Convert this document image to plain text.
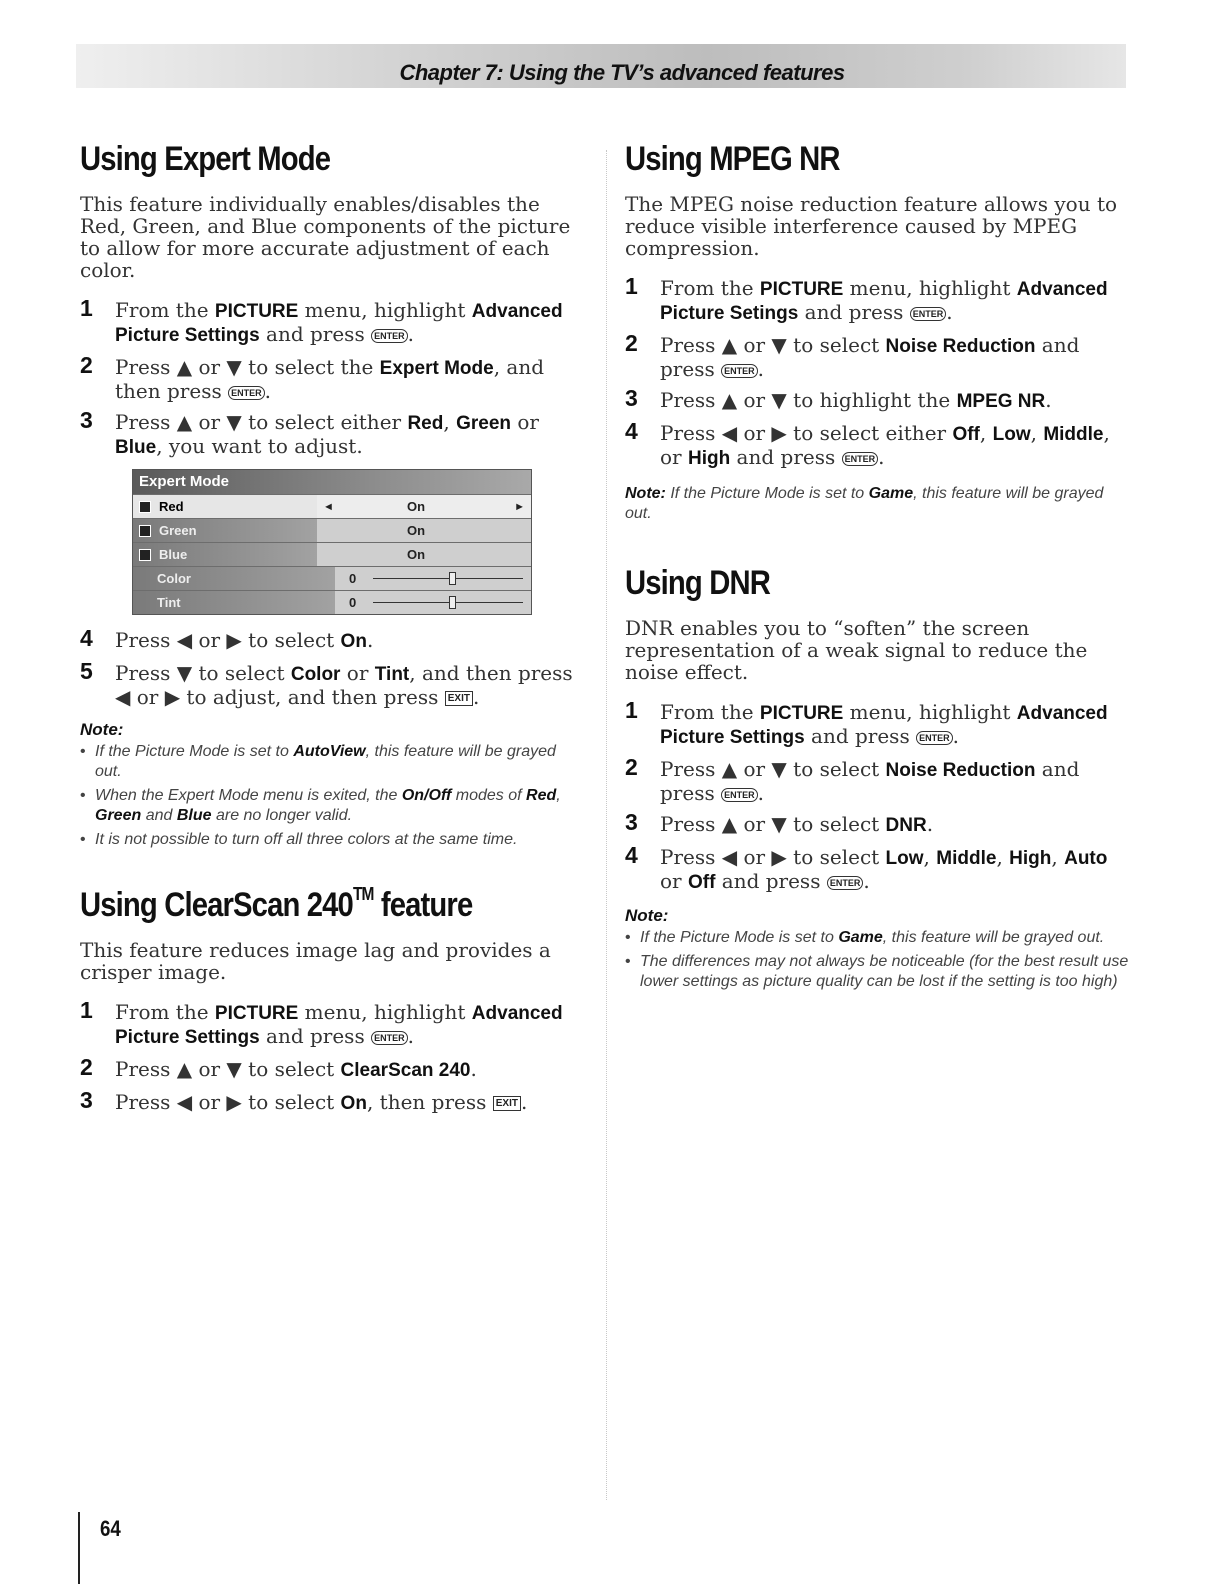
Chapter 7: Using the TV’s advanced features
Using Expert Mode

This feature individually enables/disables the Red, Green, and Blue components of the picture to allow for more accurate adjustment of each color.

1 From the PICTURE menu, highlight Advanced Picture Settings and press ENTER .
2 Press ▲ or ▼ to select the Expert Mode, and then press ENTER .
3 Press ▲ or ▼ to select either Red, Green or Blue, you want to adjust.
Expert Mode
Red	◄	On	►
Green	On
Blue	On
Color	0
Tint	0
4 Press ◀ or ▶ to select On.
5 Press ▼ to select Color or Tint, and then press ◀ or ▶ to adjust, and then press EXIT .
Note:
• If the Picture Mode is set to AutoView, this feature will be grayed out.
• When the Expert Mode menu is exited, the On/Off modes of Red, Green and Blue are no longer valid.
• It is not possible to turn off all three colors at the same time.
Using ClearScan 240™ feature

This feature reduces image lag and provides a crisper image.

1 From the PICTURE menu, highlight Advanced Picture Settings and press ENTER .
2 Press ▲ or ▼ to select ClearScan 240.
3 Press ◀ or ▶ to select On, then press EXIT .
Using MPEG NR

The MPEG noise reduction feature allows you to reduce visible interference caused by MPEG compression.

1 From the PICTURE menu, highlight Advanced Picture Setings and press ENTER .
2 Press ▲ or ▼ to select Noise Reduction and press ENTER .
3 Press ▲ or ▼ to highlight the MPEG NR.
4 Press ◀ or ▶ to select either Off, Low, Middle, or High and press ENTER .

Note: If the Picture Mode is set to Game, this feature will be grayed out.

Using DNR

DNR enables you to “soften” the screen representation of a weak signal to reduce the noise effect.

1 From the PICTURE menu, highlight Advanced Picture Settings and press ENTER .
2 Press ▲ or ▼ to select Noise Reduction and press ENTER .
3 Press ▲ or ▼ to select DNR.
4 Press ◀ or ▶ to select Low, Middle, High, Auto or Off and press ENTER .
Note:
• If the Picture Mode is set to Game, this feature will be grayed out.
• The differences may not always be noticeable (for the best result use lower settings as picture quality can be lost if the setting is too high)
64
